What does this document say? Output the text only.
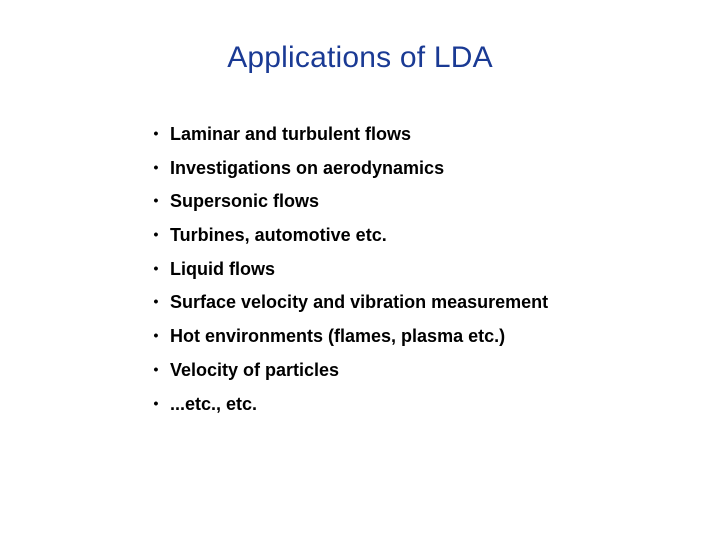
Applications of LDA
• Laminar and turbulent flows
• Investigations on aerodynamics
• Supersonic flows
• Turbines, automotive etc.
• Liquid flows
• Surface velocity and vibration measurement
• Hot environments (flames, plasma etc.)
• Velocity of particles
• ...etc., etc.
